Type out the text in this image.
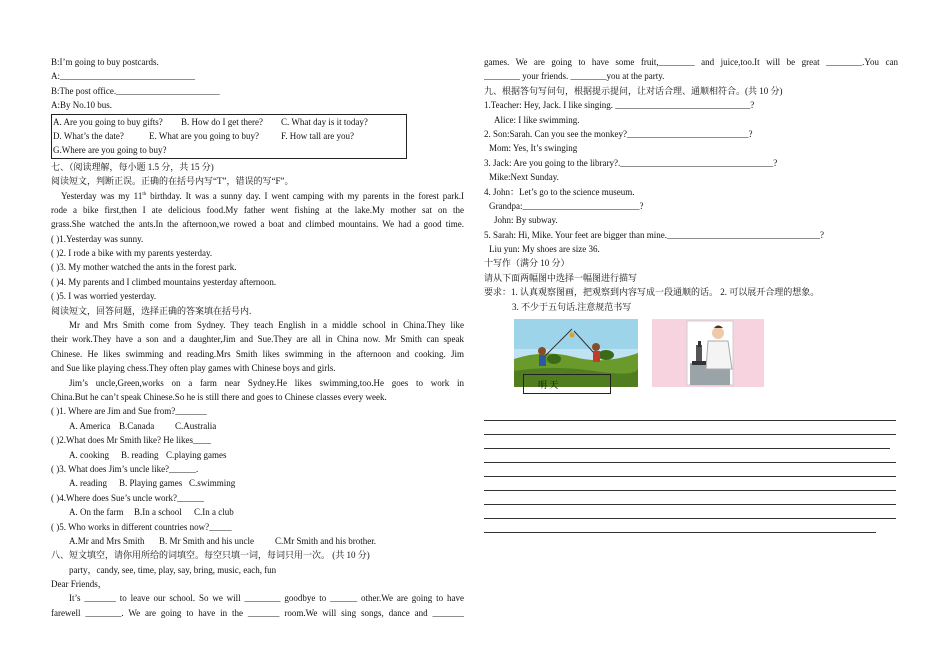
B:I’m going to buy postcards.
A:______________________________
B:The post office._______________________
A:By No.10 bus.
A. Are you going to buy gifts? B. How do I get there? C. What day is it today?
D. What’s the date?	E. What are you going to buy? F. How tall are you?
G.Where are you going to buy?
七、（阅读理解，每小题 1.5 分，共 15 分)
阅读短文，判断正误。正确的在括号内写“T”，错误的写“F”。
Yesterday was my 11th birthday. It was a sunny day. I went camping with my parents in the forest park.I
rode a bike first,then I ate delicious food.My father went fishing at the lake.My mother sat on the
grass.She watched the ants.In the afternoon,we rowed a boat and climbed mountains. We had a good time.
( )1.Yesterday was sunny.
( )2. I rode a bike with my parents yesterday.
( )3. My mother watched the ants in the forest park.
( )4. My parents and I climbed mountains yesterday afternoon.
( )5. I was worried yesterday.
阅读短文，回答问题，选择正确的答案填在括号内.
Mr and Mrs Smith come from Sydney. They teach English in a middle school in China.They like
their work.They have a son and a daughter,Jim and Sue.They are all in China now. Mr Smith can speak
Chinese. He likes swimming and reading.Mrs Smith likes swimming in the afternoon and cooking. Jim
and Sue like playing chess.They often play games with Chinese boys and girls.
Jim’s uncle,Green,works on a farm near Sydney.He likes swimming,too.He goes to work in
China.But he can’t speak Chinese.So he is still there and goes to Chinese classes every week.
( )1. Where are Jim and Sue from?_______
A. America B.Canada C.Australia
( )2.What does Mr Smith like? He likes____
A. cooking B. reading C.playing games
( )3. What does Jim’s uncle like?______.
A. reading B. Playing games C.swimming
( )4.Where does Sue’s uncle work?______
A. On the farm B.In a school C.In a club
( )5. Who works in different countries now?_____
A.Mr and Mrs Smith B. Mr Smith and his uncle C.Mr Smith and his brother.
八、短文填空，请你用所给的词填空。每空只填一词，每词只用一次。 (共 10 分)
party，candy, see, time, play, say, bring, music, each, fun
Dear Friends，
It’s _______ to leave our school. So we will ________ goodbye to ______ other.We are going to have
farewell ________. We are going to have in the _______ room.We will sing songs, dance and _______
games. We are going to have some fruit,________ and juice,too.It will be great ________.You can
________ your friends. ________you at the party.
九、根据答句写问句，根据提示提问，让对话合理、通顺相符合。(共 10 分)
1.Teacher: Hey, Jack. I like singing. ______________________________?
Alice: I like swimming.
2. Son:Sarah. Can you see the monkey?___________________________?
Mom: Yes, It’s swinging
3. Jack: Are you going to the library?.__________________________________?
Mike:Next Sunday.
4. John：Let’s go to the science museum.
Grandpa:__________________________?
John: By subway.
5. Sarah: Hi, Mike. Your feet are bigger than mine.__________________________________?
Liu yun: My shoes are size 36.
十写作（满分 10 分）
请从下面两幅图中选择一幅图进行描写
要求：1. 认真观察图画，把观察到内容写成一段通顺的话。 2. 可以展开合理的想象。
3. 不少于五句话.注意规范书写
明 天
